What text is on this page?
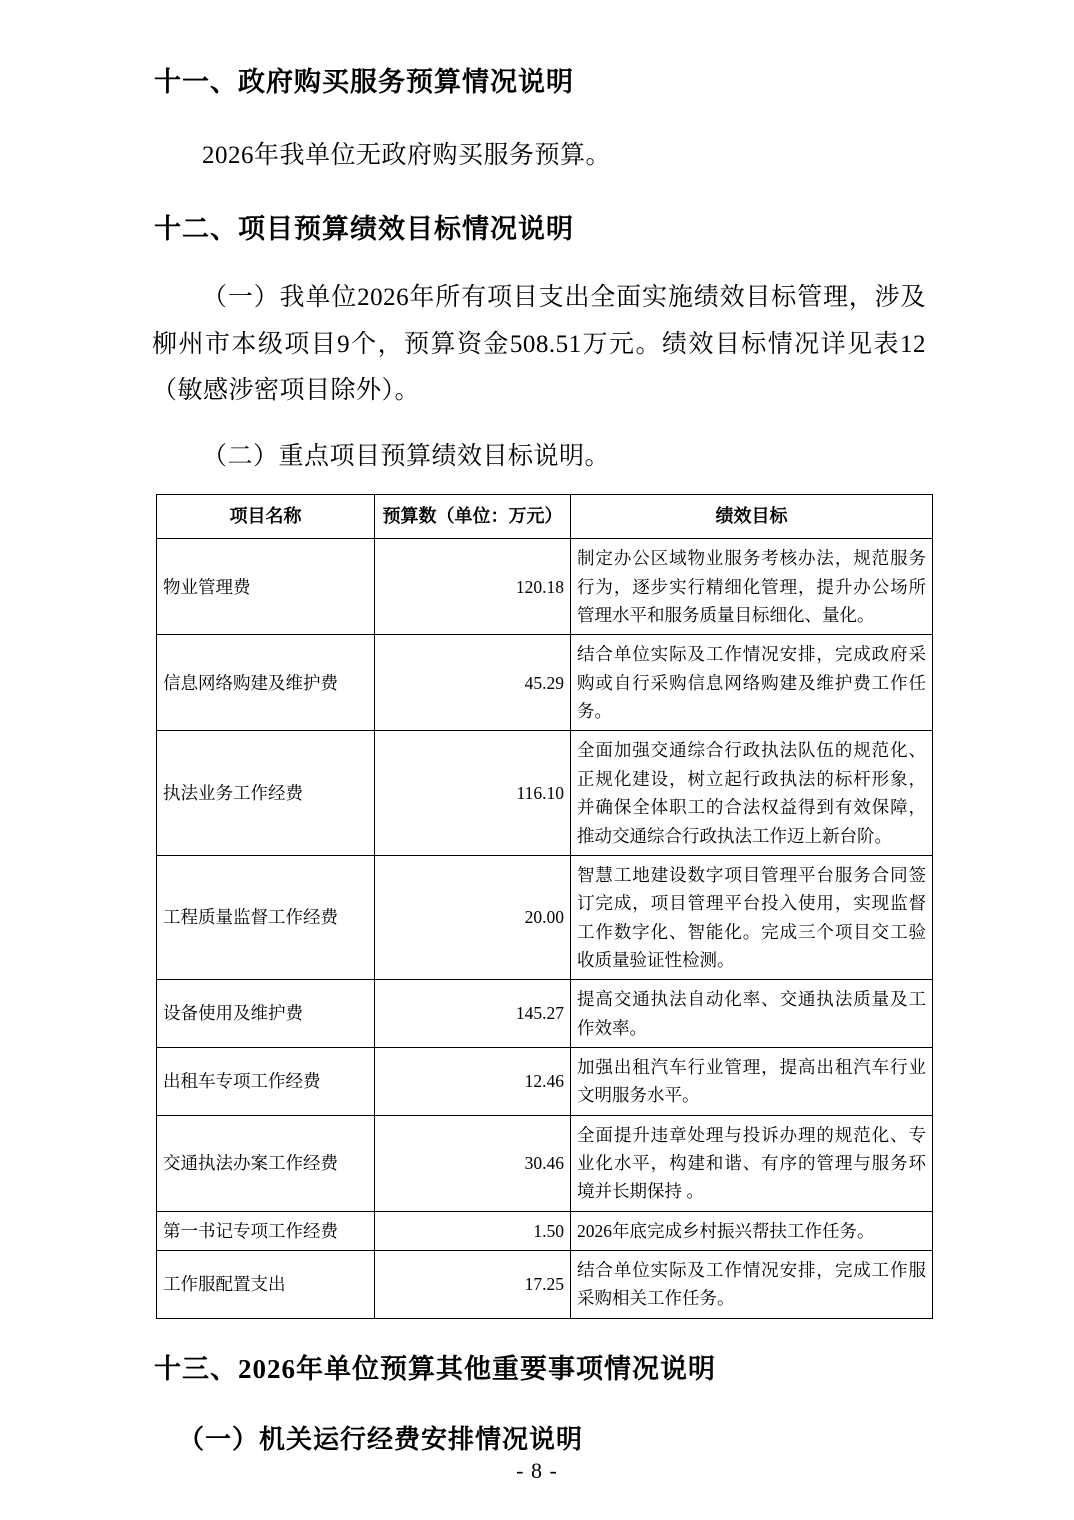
十一、政府购买服务预算情况说明

2026年我单位无政府购买服务预算。

十二、项目预算绩效目标情况说明

（一）我单位2026年所有项目支出全面实施绩效目标管理，涉及柳州市本级项目9个，预算资金508.51万元。绩效目标情况详见表12（敏感涉密项目除外）。

（二）重点项目预算绩效目标说明。

项目名称	预算数（单位：万元）	绩效目标
物业管理费	120.18	制定办公区域物业服务考核办法，规范服务行为，逐步实行精细化管理，提升办公场所管理水平和服务质量目标细化、量化。
信息网络购建及维护费	45.29	结合单位实际及工作情况安排，完成政府采购或自行采购信息网络购建及维护费工作任务。
执法业务工作经费	116.10	全面加强交通综合行政执法队伍的规范化、正规化建设，树立起行政执法的标杆形象，并确保全体职工的合法权益得到有效保障，推动交通综合行政执法工作迈上新台阶。
工程质量监督工作经费	20.00	智慧工地建设数字项目管理平台服务合同签订完成，项目管理平台投入使用，实现监督工作数字化、智能化。完成三个项目交工验收质量验证性检测。
设备使用及维护费	145.27	提高交通执法自动化率、交通执法质量及工作效率。
出租车专项工作经费	12.46	加强出租汽车行业管理，提高出租汽车行业文明服务水平。
交通执法办案工作经费	30.46	全面提升违章处理与投诉办理的规范化、专业化水平，构建和谐、有序的管理与服务环境并长期保持 。
第一书记专项工作经费	1.50	2026年底完成乡村振兴帮扶工作任务。
工作服配置支出	17.25	结合单位实际及工作情况安排，完成工作服采购相关工作任务。
十三、2026年单位预算其他重要事项情况说明
（一）机关运行经费安排情况说明
- 8 -
